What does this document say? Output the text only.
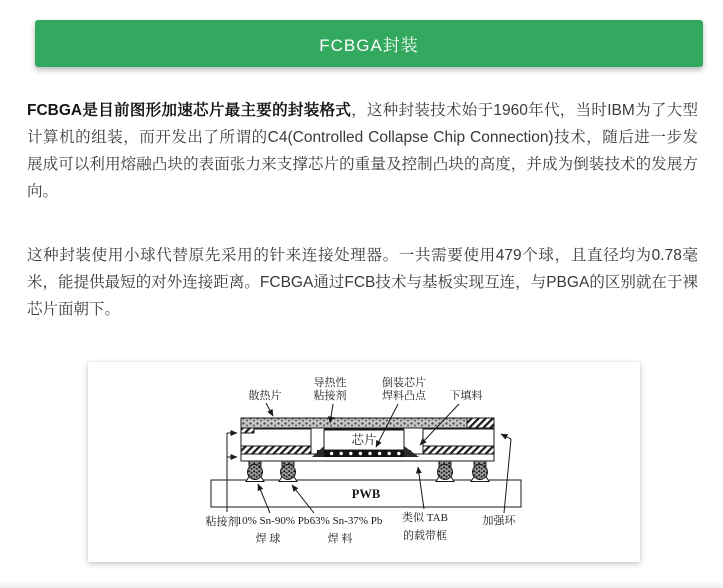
FCBGA封装

FCBGA是目前图形加速芯片最主要的封装格式，这种封装技术始于1960年代，当时IBM为了大型计算机的组装，而开发出了所谓的C4(Controlled Collapse Chip Connection)技术，随后进一步发展成可以利用熔融凸块的表面张力来支撑芯片的重量及控制凸块的高度，并成为倒装技术的发展方向。

这种封装使用小球代替原先采用的针来连接处理器。一共需要使用479个球，且直径均为0.78毫米，能提供最短的对外连接距离。FCBGA通过FCB技术与基板实现互连，与PBGA的区别就在于裸芯片面朝下。

散热片
导热性
粘接剂
倒装芯片
焊料凸点 下填料
芯片
PWB
粘接剂
10% Sn-90% Pb
焊 球
63% Sn-37% Pb
焊 料
类似 TAB
的载带框
加强环
